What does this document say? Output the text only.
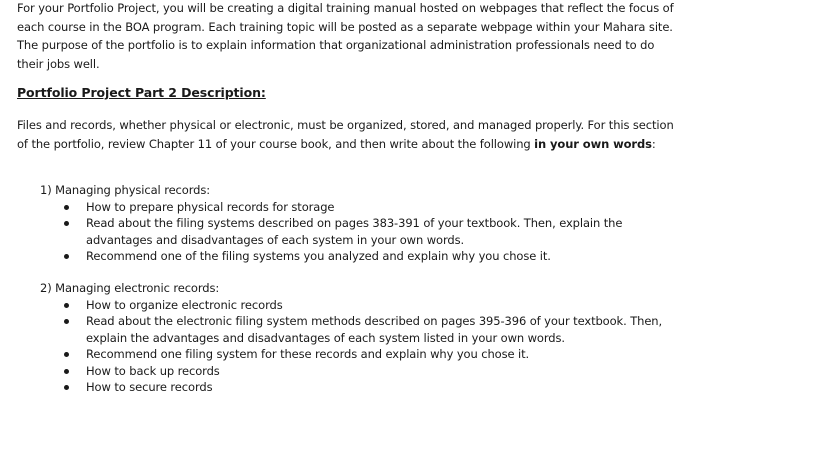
For your Portfolio Project, you will be creating a digital training manual hosted on webpages that reflect the focus of each course in the BOA program. Each training topic will be posted as a separate webpage within your Mahara site. The purpose of the portfolio is to explain information that organizational administration professionals need to do their jobs well.

Portfolio Project Part 2 Description:

Files and records, whether physical or electronic, must be organized, stored, and managed properly. For this section of the portfolio, review Chapter 11 of your course book, and then write about the following in your own words:

1) Managing physical records:

How to prepare physical records for storage
Read about the filing systems described on pages 383-391 of your textbook. Then, explain the advantages and disadvantages of each system in your own words.
Recommend one of the filing systems you analyzed and explain why you chose it.

2) Managing electronic records:

How to organize electronic records
Read about the electronic filing system methods described on pages 395-396 of your textbook. Then, explain the advantages and disadvantages of each system listed in your own words.
Recommend one filing system for these records and explain why you chose it.
How to back up records
How to secure records
